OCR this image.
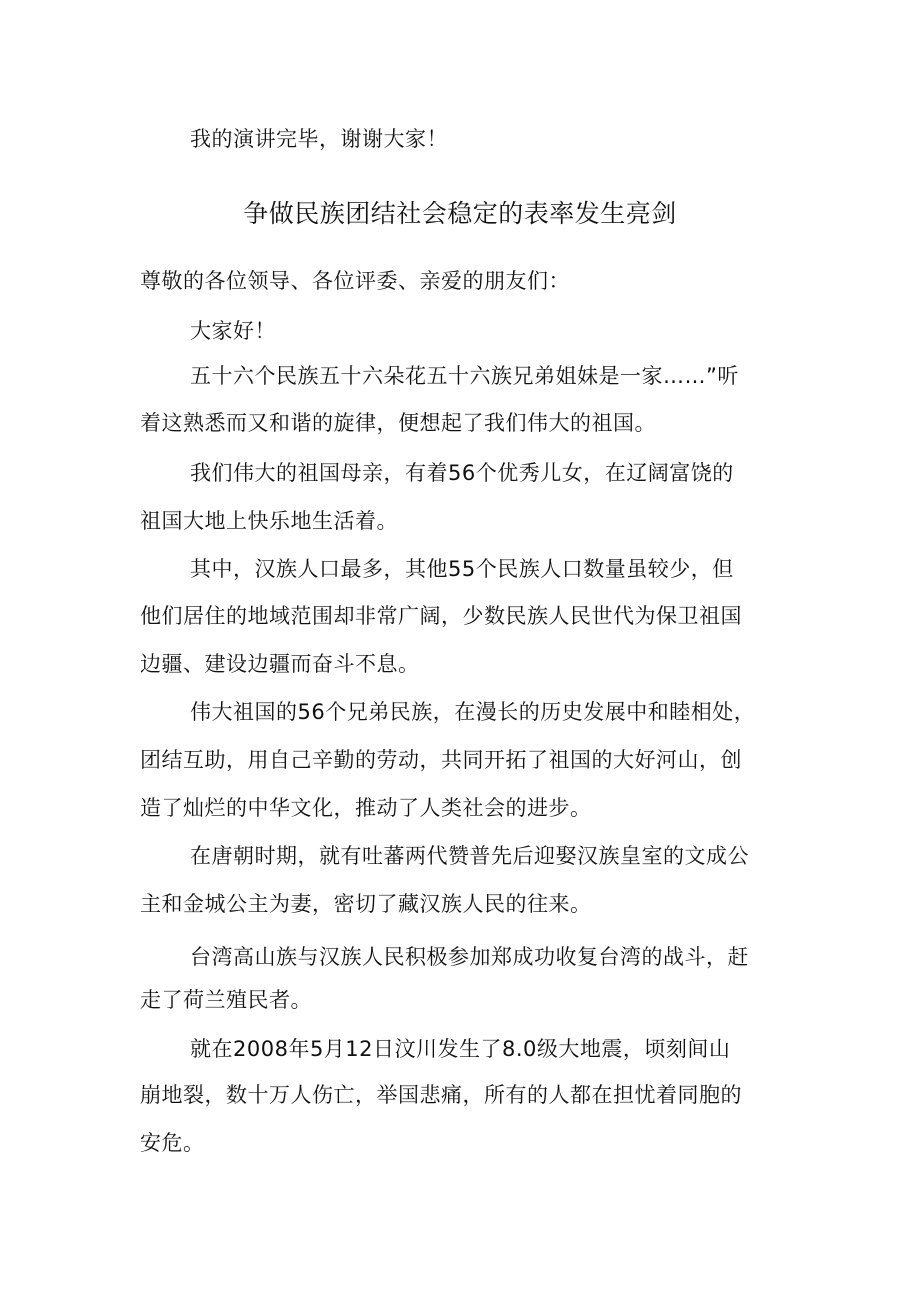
我的演讲完毕，谢谢大家！
争做民族团结社会稳定的表率发生亮剑
尊敬的各位领导、各位评委、亲爱的朋友们：
大家好！
五十六个民族五十六朵花五十六族兄弟姐妹是一家……”听
着这熟悉而又和谐的旋律，便想起了我们伟大的祖国。
我们伟大的祖国母亲，有着56个优秀儿女，在辽阔富饶的
祖国大地上快乐地生活着。
其中，汉族人口最多，其他55个民族人口数量虽较少，但
他们居住的地域范围却非常广阔，少数民族人民世代为保卫祖国
边疆、建设边疆而奋斗不息。
伟大祖国的56个兄弟民族，在漫长的历史发展中和睦相处，
团结互助，用自己辛勤的劳动，共同开拓了祖国的大好河山，创
造了灿烂的中华文化，推动了人类社会的进步。
在唐朝时期，就有吐蕃两代赞普先后迎娶汉族皇室的文成公
主和金城公主为妻，密切了藏汉族人民的往来。
台湾高山族与汉族人民积极参加郑成功收复台湾的战斗，赶
走了荷兰殖民者。
就在2008年5月12日汶川发生了8.0级大地震，顷刻间山
崩地裂，数十万人伤亡，举国悲痛，所有的人都在担忧着同胞的
安危。
